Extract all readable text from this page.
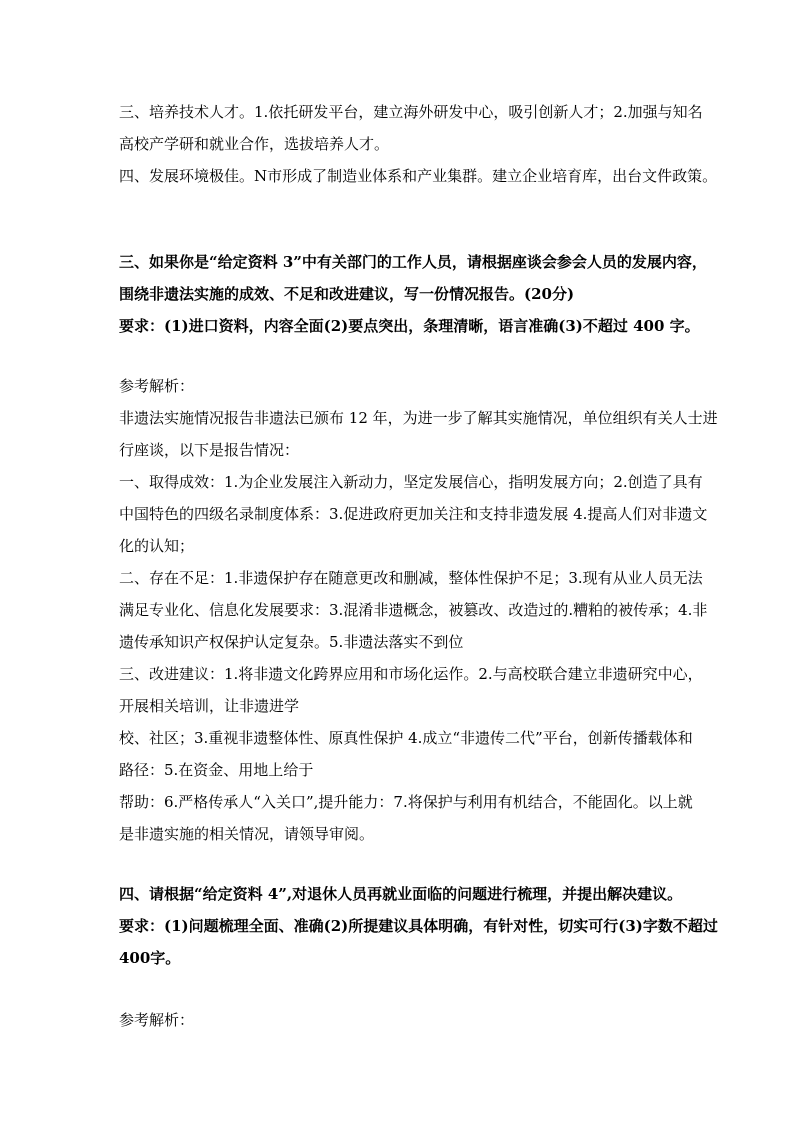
三、培养技术人才。1.依托研发平台，建立海外研发中心，吸引创新人才；2.加强与知名

高校产学研和就业合作，选拔培养人才。

四、发展环境极佳。N市形成了制造业体系和产业集群。建立企业培育库，出台文件政策。

三、如果你是“给定资料 3”中有关部门的工作人员，请根据座谈会参会人员的发展内容，

围绕非遗法实施的成效、不足和改进建议，写一份情况报告。(20分)

要求：(1)进口资料，内容全面(2)要点突出，条理清晰，语言准确(3)不超过 400 字。

参考解析：

非遗法实施情况报告非遗法已颁布 12 年，为进一步了解其实施情况，单位组织有关人士进

行座谈，以下是报告情况：

一、取得成效：1.为企业发展注入新动力，坚定发展信心，指明发展方向；2.创造了具有

中国特色的四级名录制度体系：3.促进政府更加关注和支持非遗发展 4.提高人们对非遗文

化的认知；

二、存在不足：1.非遗保护存在随意更改和删减，整体性保护不足；3.现有从业人员无法

满足专业化、信息化发展要求：3.混淆非遗概念，被篡改、改造过的.糟粕的被传承；4.非

遗传承知识产权保护认定复杂。5.非遗法落实不到位

三、改进建议：1.将非遗文化跨界应用和市场化运作。2.与高校联合建立非遗研究中心，

开展相关培训，让非遗进学

校、社区；3.重视非遗整体性、原真性保护 4.成立“非遗传二代”平台，创新传播载体和

路径：5.在资金、用地上给于

帮助：6.严格传承人“入关口”,提升能力：7.将保护与利用有机结合，不能固化。以上就

是非遗实施的相关情况，请领导审阅。

四、请根据“给定资料 4”,对退休人员再就业面临的问题进行梳理，并提出解决建议。

要求：(1)问题梳理全面、准确(2)所提建议具体明确，有针对性，切实可行(3)字数不超过

400字。

参考解析：
